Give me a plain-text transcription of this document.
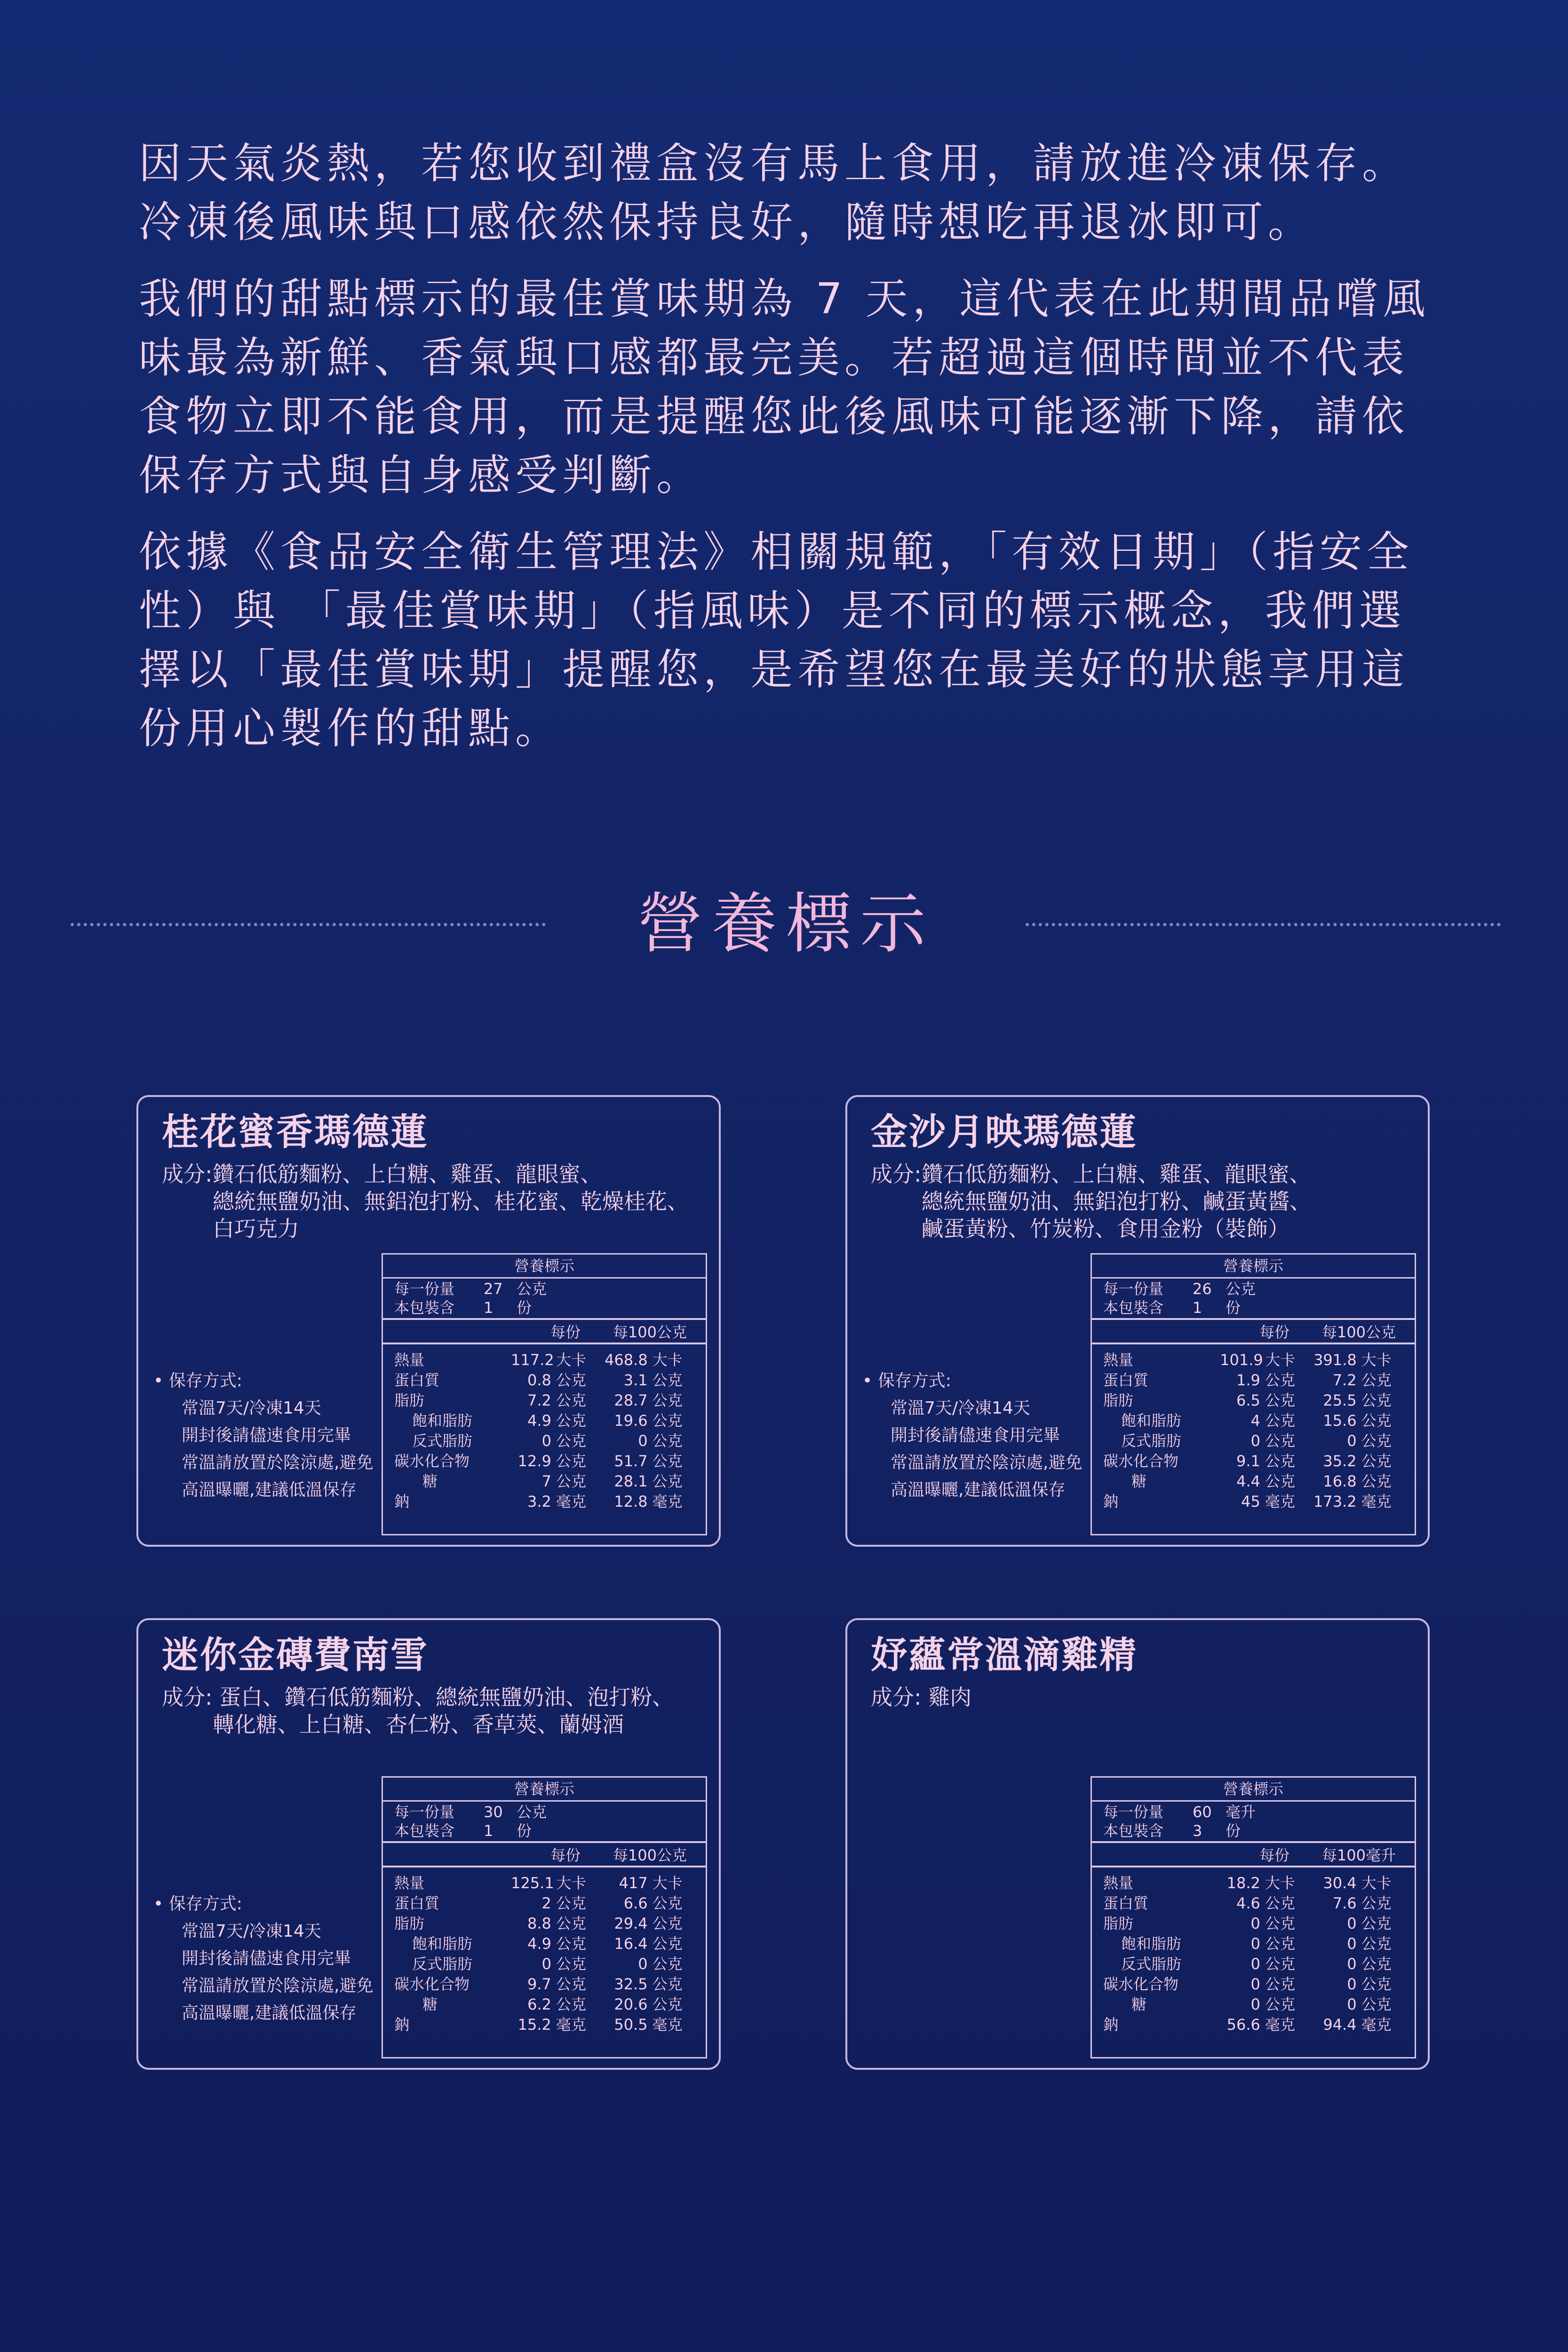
因天氣炎熱，若您收到禮盒沒有馬上食用，請放進冷凍保存。冷凍後風味與口感依然保持良好，隨時想吃再退冰即可。

我們的甜點標示的最佳賞味期為 7 天，這代表在此期間品嚐風味最為新鮮、香氣與口感都最完美。若超過這個時間並不代表食物立即不能食用，而是提醒您此後風味可能逐漸下降，請依保存方式與自身感受判斷。

依據《食品安全衛生管理法》相關規範，「有效日期」（指安全性）與 「最佳賞味期」（指風味）是不同的標示概念，我們選擇以「最佳賞味期」提醒您，是希望您在最美好的狀態享用這份用心製作的甜點。

營養標示
桂花蜜香瑪德蓮
成分:鑽石低筋麵粉、上白糖、雞蛋、龍眼蜜、
總統無鹽奶油、無鋁泡打粉、桂花蜜、乾燥桂花、
白巧克力
• 保存方式:
常溫7天/冷凍14天
開封後請儘速食用完畢
常溫請放置於陰涼處,避免
高溫曝曬,建議低溫保存
營養標示
每一份量	27 公克
本包裝含	1	份
每份	每100公克
熱量	117.2 大卡	468.8 大卡
蛋白質	0.8 公克	3.1 公克
脂肪	7.2 公克	28.7 公克
飽和脂肪	4.9 公克	19.6 公克
反式脂肪	0 公克	0 公克
碳水化合物	12.9 公克	51.7 公克
糖	7 公克	28.1 公克
鈉	3.2 毫克	12.8 毫克
金沙月映瑪德蓮
成分:鑽石低筋麵粉、上白糖、雞蛋、龍眼蜜、
總統無鹽奶油、無鋁泡打粉、鹹蛋黃醬、
鹹蛋黃粉、竹炭粉、食用金粉（裝飾）
• 保存方式:
常溫7天/冷凍14天
開封後請儘速食用完畢
常溫請放置於陰涼處,避免
高溫曝曬,建議低溫保存
營養標示
每一份量	26 公克
本包裝含	1	份
每份	每100公克
熱量	101.9 大卡	391.8 大卡
蛋白質	1.9 公克	7.2 公克
脂肪	6.5 公克	25.5 公克
飽和脂肪	4 公克	15.6 公克
反式脂肪	0 公克	0 公克
碳水化合物	9.1 公克	35.2 公克
糖	4.4 公克	16.8 公克
鈉	45 毫克	173.2 毫克
迷你金磚費南雪
成分: 蛋白、鑽石低筋麵粉、總統無鹽奶油、泡打粉、
轉化糖、上白糖、杏仁粉、香草莢、蘭姆酒
• 保存方式:
常溫7天/冷凍14天
開封後請儘速食用完畢
常溫請放置於陰涼處,避免
高溫曝曬,建議低溫保存
營養標示
每一份量	30 公克
本包裝含	1	份
每份	每100公克
熱量	125.1 大卡	417 大卡
蛋白質	2 公克	6.6 公克
脂肪	8.8 公克	29.4 公克
飽和脂肪	4.9 公克	16.4 公克
反式脂肪	0 公克	0 公克
碳水化合物	9.7 公克	32.5 公克
糖	6.2 公克	20.6 公克
鈉	15.2 毫克	50.5 毫克
妤蘊常溫滴雞精
成分: 雞肉
營養標示
每一份量	60 毫升
本包裝含	3	份
每份	每100毫升
熱量	18.2 大卡	30.4 大卡
蛋白質	4.6 公克	7.6 公克
脂肪	0 公克	0 公克
飽和脂肪	0 公克	0 公克
反式脂肪	0 公克	0 公克
碳水化合物	0 公克	0 公克
糖	0 公克	0 公克
鈉	56.6 毫克	94.4 毫克
